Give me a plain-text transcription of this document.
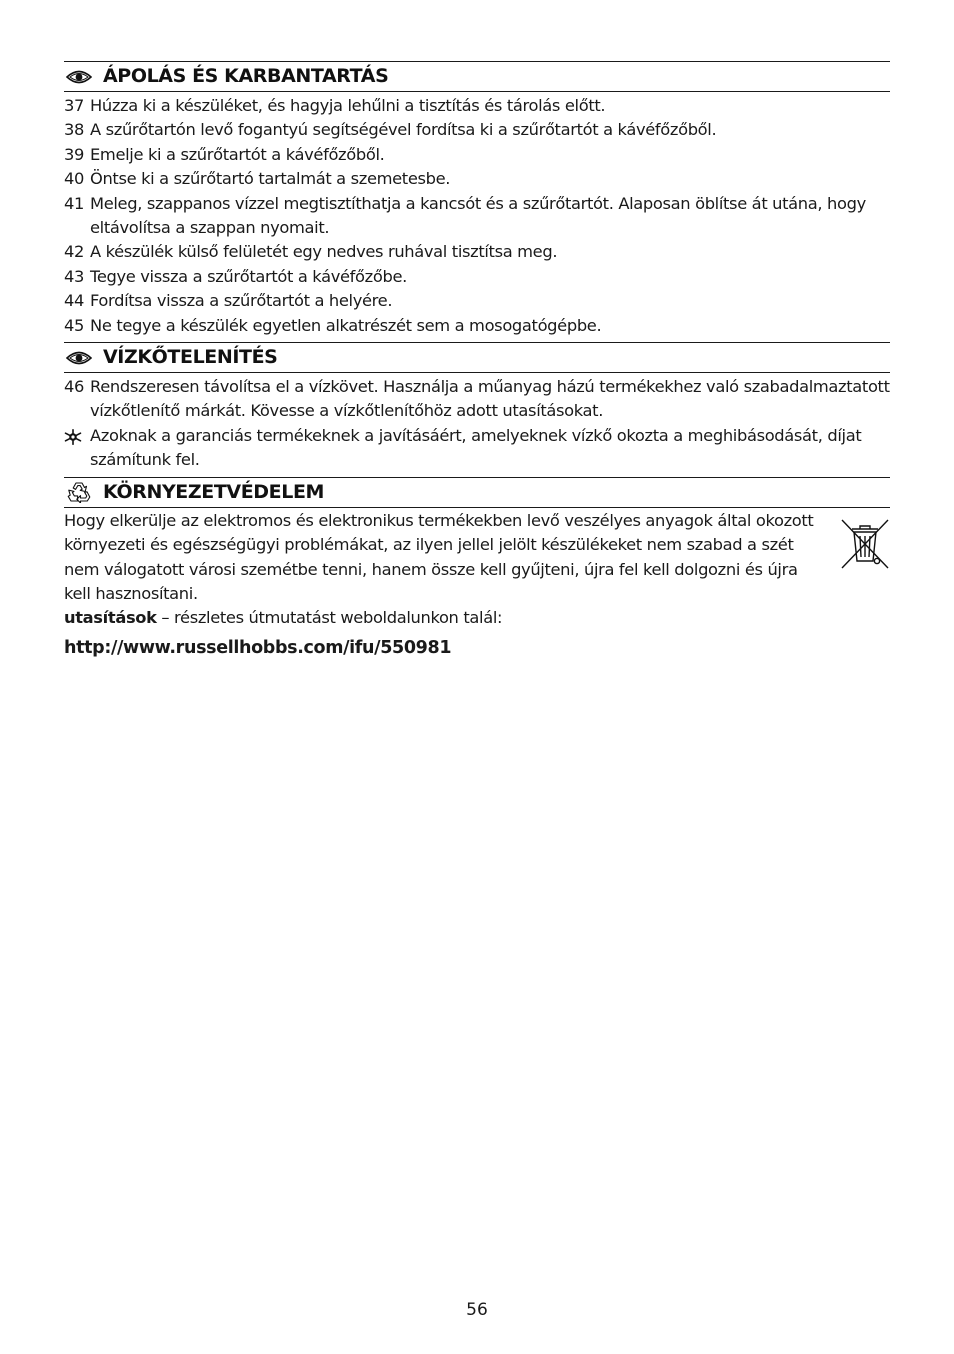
ÁPOLÁS ÉS KARBANTARTÁS
37 Húzza ki a készüléket, és hagyja lehűlni a tisztítás és tárolás előtt.
38 A szűrőtartón levő fogantyú segítségével fordítsa ki a szűrőtartót a kávéfőzőből.
39 Emelje ki a szűrőtartót a kávéfőzőből.
40 Öntse ki a szűrőtartó tartalmát a szemetesbe.
41 Meleg, szappanos vízzel megtisztíthatja a kancsót és a szűrőtartót. Alaposan öblítse át utána, hogy eltávolítsa a szappan nyomait.
42 A készülék külső felületét egy nedves ruhával tisztítsa meg.
43 Tegye vissza a szűrőtartót a kávéfőzőbe.
44 Fordítsa vissza a szűrőtartót a helyére.
45 Ne tegye a készülék egyetlen alkatrészét sem a mosogatógépbe.
VÍZKŐTELENÍTÉS
46 Rendszeresen távolítsa el a vízkövet. Használja a műanyag házú termékekhez való szabadalmaztatott vízkőtlenítő márkát. Kövesse a vízkőtlenítőhöz adott utasításokat.
Azoknak a garanciás termékeknek a javításáért, amelyeknek vízkő okozta a meghibásodását, díjat számítunk fel.
KÖRNYEZETVÉDELEM
Hogy elkerülje az elektromos és elektronikus termékekben levő veszélyes anyagok által okozott környezeti és egészségügyi problémákat, az ilyen jellel jelölt készülékeket nem szabad a szét nem válogatott városi szemétbe tenni, hanem össze kell gyűjteni, újra fel kell dolgozni és újra kell hasznosítani.
utasítások – részletes útmutatást weboldalunkon talál:
http://www.russellhobbs.com/ifu/550981
56
